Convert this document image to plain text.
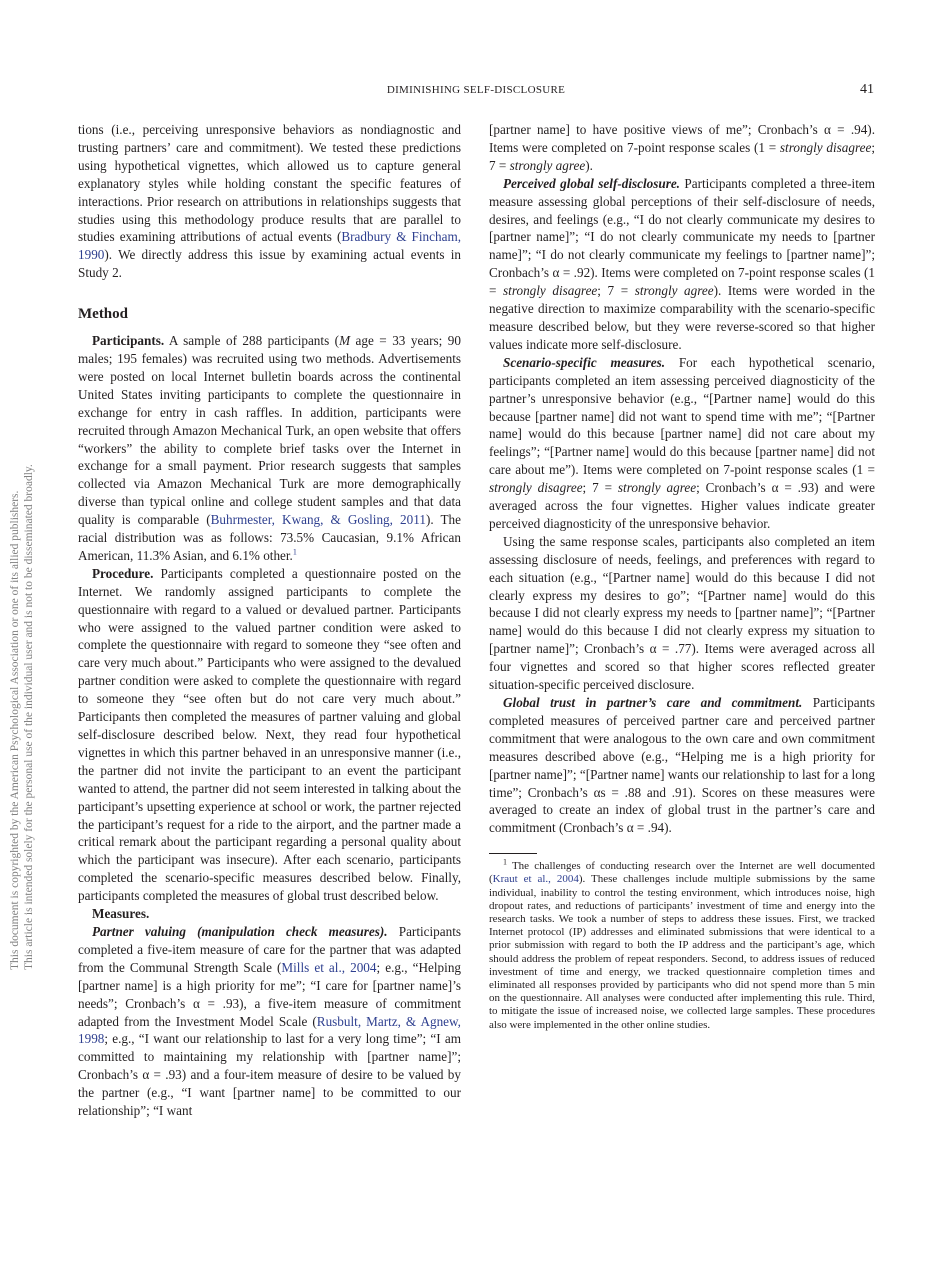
DIMINISHING SELF-DISCLOSURE	41
This document is copyrighted by the American Psychological Association or one of its allied publishers. This article is intended solely for the personal use of the individual user and is not to be disseminated broadly.

tions (i.e., perceiving unresponsive behaviors as nondiagnostic and trusting partners’ care and commitment). We tested these predictions using hypothetical vignettes, which allowed us to capture general explanatory styles while holding constant the specific features of interactions. Prior research on attributions in relationships suggests that studies using this methodology produce results that are parallel to studies examining attributions of actual events (Bradbury & Fincham, 1990). We directly address this issue by examining actual events in Study 2.

Method

Participants. A sample of 288 participants (M age = 33 years; 90 males; 195 females) was recruited using two methods. Advertisements were posted on local Internet bulletin boards across the continental United States inviting participants to complete the questionnaire in exchange for entry in cash raffles. In addition, participants were recruited through Amazon Mechanical Turk, an open website that offers “workers” the ability to complete brief tasks over the Internet in exchange for a small payment. Prior research suggests that samples collected via Amazon Mechanical Turk are more demographically diverse than typical online and college student samples and that data quality is comparable (Buhrmester, Kwang, & Gosling, 2011). The racial distribution was as follows: 73.5% Caucasian, 9.1% African American, 11.3% Asian, and 6.1% other.$^1$

Procedure. Participants completed a questionnaire posted on the Internet. We randomly assigned participants to complete the questionnaire with regard to a valued or devalued partner. Participants who were assigned to the valued partner condition were asked to complete the questionnaire with regard to someone they “see often and care very much about.” Participants who were assigned to the devalued partner condition were asked to complete the questionnaire with regard to someone they “see often but do not care very much about.” Participants then completed the measures of partner valuing and global self-disclosure described below. Next, they read four hypothetical vignettes in which this partner behaved in an unresponsive manner (i.e., the partner did not invite the participant to an event the participant wanted to attend, the partner did not seem interested in talking about the participant’s upsetting experience at school or work, the partner rejected the participant’s request for a ride to the airport, and the partner made a critical remark about the participant regarding a personal quality about which the participant was insecure). After each scenario, participants completed the scenario-specific measures described below. Finally, participants completed the measures of global trust described below.

Measures.

Partner valuing (manipulation check measures). Participants completed a five-item measure of care for the partner that was adapted from the Communal Strength Scale (Mills et al., 2004; e.g., “Helping [partner name] is a high priority for me”; “I care for [partner name]’s needs”; Cronbach’s α = .93), a five-item measure of commitment adapted from the Investment Model Scale (Rusbult, Martz, & Agnew, 1998; e.g., “I want our relationship to last for a very long time”; “I am committed to maintaining my relationship with [partner name]”; Cronbach’s α = .93) and a four-item measure of desire to be valued by the partner (e.g., “I want [partner name] to be committed to our relationship”; “I want

[partner name] to have positive views of me”; Cronbach’s α = .94). Items were completed on 7-point response scales (1 = strongly disagree; 7 = strongly agree).

Perceived global self-disclosure. Participants completed a three-item measure assessing global perceptions of their self-disclosure of needs, desires, and feelings (e.g., “I do not clearly communicate my desires to [partner name]”; “I do not clearly communicate my needs to [partner name]”; “I do not clearly communicate my feelings to [partner name]”; Cronbach’s α = .92). Items were completed on 7-point response scales (1 = strongly disagree; 7 = strongly agree). Items were worded in the negative direction to maximize comparability with the scenario-specific measure described below, but they were reverse-scored so that higher values indicate more self-disclosure.

Scenario-specific measures. For each hypothetical scenario, participants completed an item assessing perceived diagnosticity of the partner’s unresponsive behavior (e.g., “[Partner name] would do this because [partner name] did not want to spend time with me”; “[Partner name] would do this because [partner name] did not care about my feelings”; “[Partner name] would do this because [partner name] did not care about me”). Items were completed on 7-point response scales (1 = strongly disagree; 7 = strongly agree; Cronbach’s α = .93) and were averaged across the four vignettes. Higher values indicate greater perceived diagnosticity of the unresponsive behavior.

Using the same response scales, participants also completed an item assessing disclosure of needs, feelings, and preferences with regard to each situation (e.g., “[Partner name] would do this because I did not clearly express my desires to go”; “[Partner name] would do this because I did not clearly express my needs to [partner name]”; “[Partner name] would do this because I did not clearly express my situation to [partner name]”; Cronbach’s α = .77). Items were averaged across all four vignettes and scored so that higher scores reflected greater situation-specific perceived disclosure.

Global trust in partner’s care and commitment. Participants completed measures of perceived partner care and perceived partner commitment that were analogous to the own care and own commitment measures described above (e.g., “Helping me is a high priority for [partner name]”; “[Partner name] wants our relationship to last for a long time”; Cronbach’s αs = .88 and .91). Scores on these measures were averaged to create an index of global trust in the partner’s care and commitment (Cronbach’s α = .94).

$^1$ The challenges of conducting research over the Internet are well documented (Kraut et al., 2004). These challenges include multiple submissions by the same individual, inability to control the testing environment, which introduces noise, high dropout rates, and reductions of participants’ investment of time and energy into the research tasks. We took a number of steps to address these issues. First, we tracked Internet protocol (IP) addresses and eliminated submissions that were identical to a prior submission with regard to both the IP address and the participant’s age, which should address the problem of repeat responders. Second, to address issues of reduced investment of time and energy, we tracked questionnaire completion times and eliminated all responses provided by participants who did not spend more than 5 min on the questionnaire. All analyses were conducted after implementing this rule. Third, to mitigate the issue of increased noise, we collected large samples. These procedures also were implemented in the other online studies.
